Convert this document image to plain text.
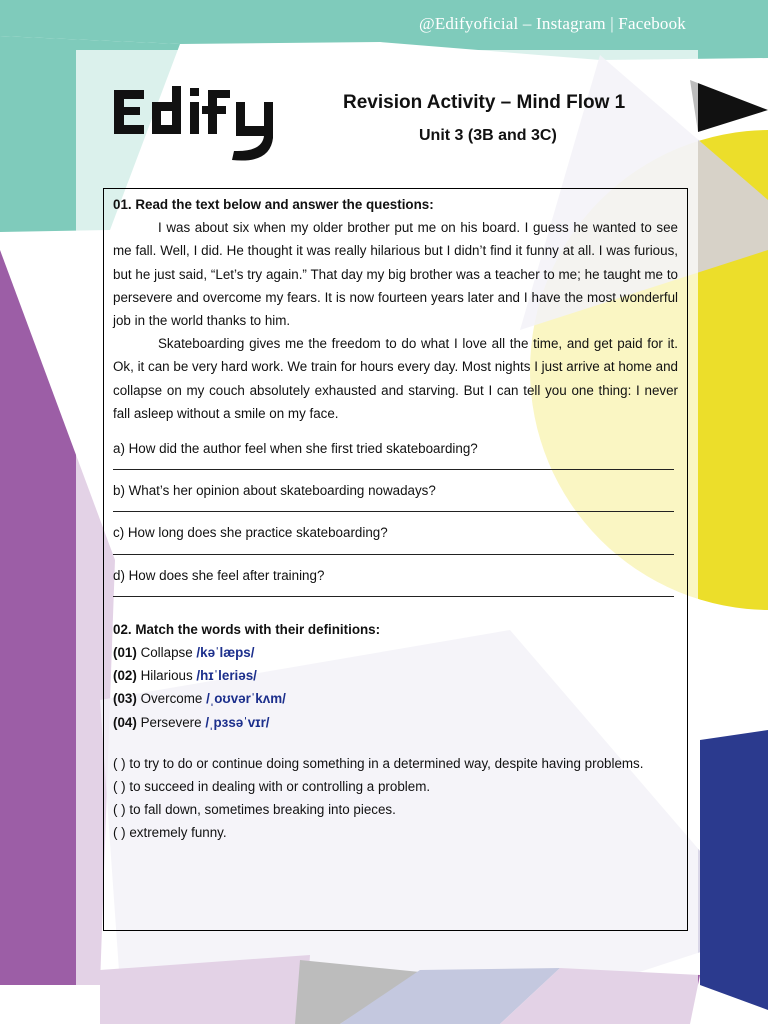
@Edifyoficial – Instagram | Facebook
Revision Activity – Mind Flow 1
Unit 3 (3B and 3C)

01. Read the text below and answer the questions:

I was about six when my older brother put me on his board. I guess he wanted to see me fall. Well, I did. He thought it was really hilarious but I didn’t find it funny at all. I was furious, but he just said, “Let’s try again.” That day my big brother was a teacher to me; he taught me to persevere and overcome my fears. It is now fourteen years later and I have the most wonderful job in the world thanks to him.

Skateboarding gives me the freedom to do what I love all the time, and get paid for it. Ok, it can be very hard work. We train for hours every day. Most nights I just arrive at home and collapse on my couch absolutely exhausted and starving. But I can tell you one thing: I never fall asleep without a smile on my face.

a) How did the author feel when she first tried skateboarding?

b) What’s her opinion about skateboarding nowadays?

c) How long does she practice skateboarding?

d) How does she feel after training?

02. Match the words with their definitions:

(01) Collapse /kəˈlæps/

(02) Hilarious /hɪˈleriəs/

(03) Overcome /ˌoʊvərˈkʌm/

(04) Persevere /ˌpɜsəˈvɪr/

( ) to try to do or continue doing something in a determined way, despite having problems.

( ) to succeed in dealing with or controlling a problem.

( ) to fall down, sometimes breaking into pieces.

( ) extremely funny.
